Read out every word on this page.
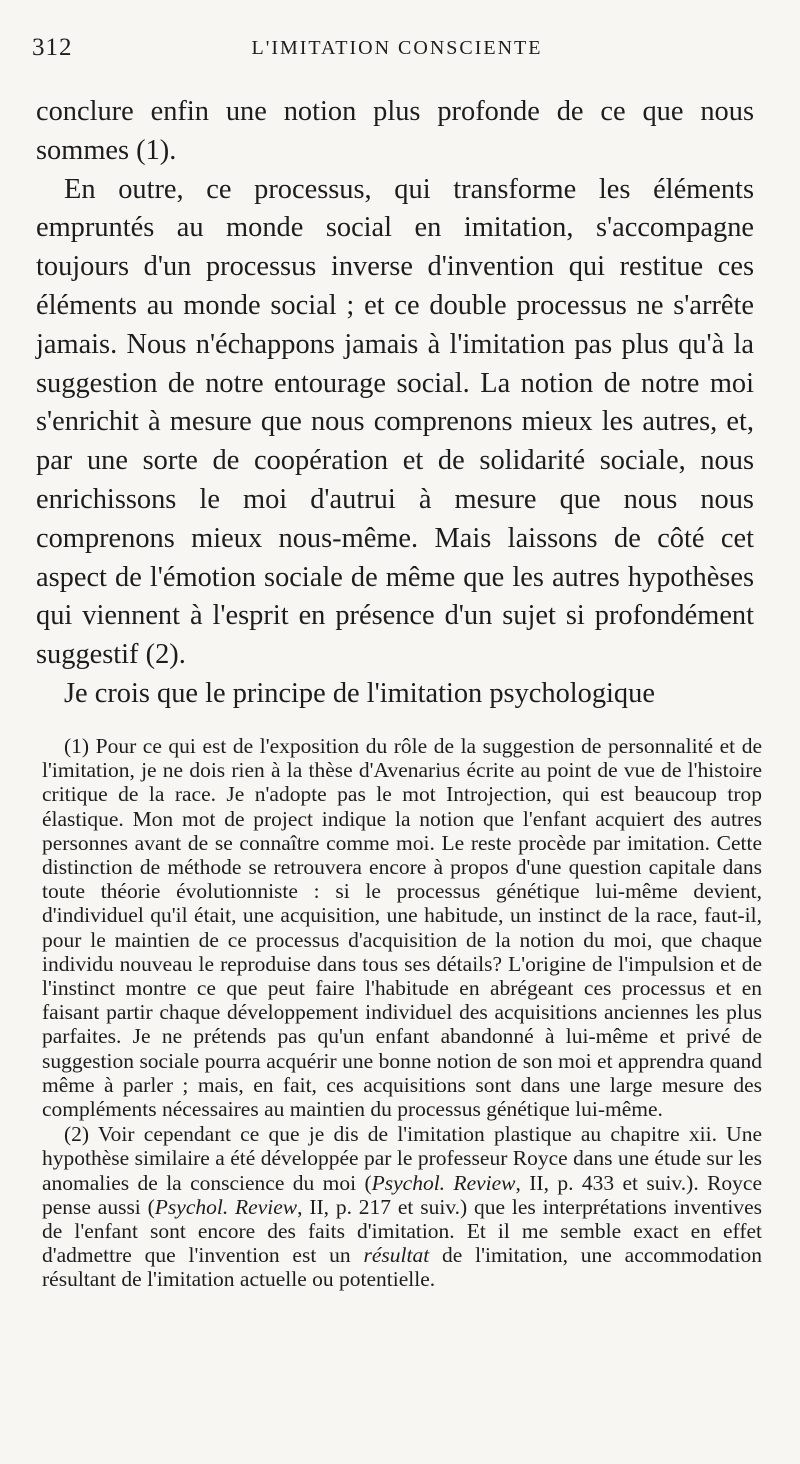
312	L'IMITATION CONSCIENTE

conclure enfin une notion plus profonde de ce que nous sommes (1).

En outre, ce processus, qui transforme les éléments empruntés au monde social en imitation, s'accompagne toujours d'un processus inverse d'invention qui restitue ces éléments au monde social ; et ce double processus ne s'arrête jamais. Nous n'échappons jamais à l'imitation pas plus qu'à la suggestion de notre entourage social. La notion de notre moi s'enrichit à mesure que nous comprenons mieux les autres, et, par une sorte de coopération et de solidarité sociale, nous enrichissons le moi d'autrui à mesure que nous nous comprenons mieux nous-même. Mais laissons de côté cet aspect de l'émotion sociale de même que les autres hypothèses qui viennent à l'esprit en présence d'un sujet si profondément suggestif (2).

Je crois que le principe de l'imitation psychologique

(1) Pour ce qui est de l'exposition du rôle de la suggestion de personnalité et de l'imitation, je ne dois rien à la thèse d'Avenarius écrite au point de vue de l'histoire critique de la race. Je n'adopte pas le mot Introjection, qui est beaucoup trop élastique. Mon mot de project indique la notion que l'enfant acquiert des autres personnes avant de se connaître comme moi. Le reste procède par imitation. Cette distinction de méthode se retrouvera encore à propos d'une question capitale dans toute théorie évolutionniste : si le processus génétique lui-même devient, d'individuel qu'il était, une acquisition, une habitude, un instinct de la race, faut-il, pour le maintien de ce processus d'acquisition de la notion du moi, que chaque individu nouveau le reproduise dans tous ses détails? L'origine de l'impulsion et de l'instinct montre ce que peut faire l'habitude en abrégeant ces processus et en faisant partir chaque développement individuel des acquisitions anciennes les plus parfaites. Je ne prétends pas qu'un enfant abandonné à lui-même et privé de suggestion sociale pourra acquérir une bonne notion de son moi et apprendra quand même à parler ; mais, en fait, ces acquisitions sont dans une large mesure des compléments nécessaires au maintien du processus génétique lui-même.

(2) Voir cependant ce que je dis de l'imitation plastique au chapitre xii. Une hypothèse similaire a été développée par le professeur Royce dans une étude sur les anomalies de la conscience du moi (Psychol. Review, II, p. 433 et suiv.). Royce pense aussi (Psychol. Review, II, p. 217 et suiv.) que les interprétations inventives de l'enfant sont encore des faits d'imitation. Et il me semble exact en effet d'admettre que l'invention est un résultat de l'imitation, une accommodation résultant de l'imitation actuelle ou potentielle.
